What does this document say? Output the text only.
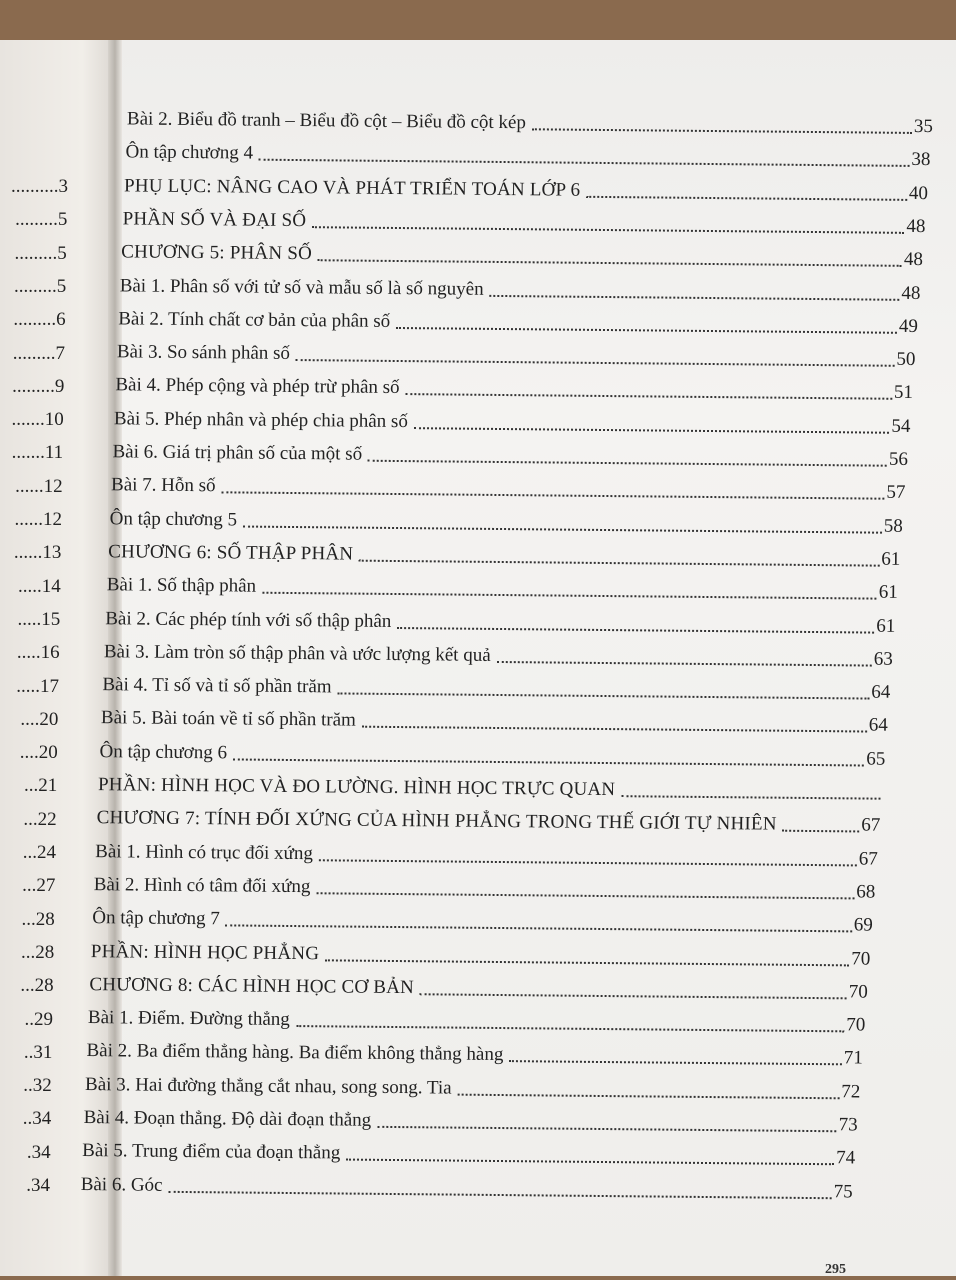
..........3
.........5
.........5
.........5
.........6
.........7
.........9
.......10
.......11
......12
......12
......13
.....14
.....15
.....16
.....17
....20
....20
...21
...22
...24
...27
...28
...28
...28
..29
..31
..32
..34
.34
.34
Bài 2. Biểu đồ tranh – Biểu đồ cột – Biểu đồ cột kép	35
Ôn tập chương 4	38
PHỤ LỤC: NÂNG CAO VÀ PHÁT TRIỂN TOÁN LỚP 6	40
PHẦN SỐ VÀ ĐẠI SỐ	48
CHƯƠNG 5: PHÂN SỐ	48
Bài 1. Phân số với tử số và mẫu số là số nguyên	48
Bài 2. Tính chất cơ bản của phân số	49
Bài 3. So sánh phân số	50
Bài 4. Phép cộng và phép trừ phân số	51
Bài 5. Phép nhân và phép chia phân số	54
Bài 6. Giá trị phân số của một số	56
Bài 7. Hỗn số	57
Ôn tập chương 5	58
CHƯƠNG 6: SỐ THẬP PHÂN	61
Bài 1. Số thập phân	61
Bài 2. Các phép tính với số thập phân	61
Bài 3. Làm tròn số thập phân và ước lượng kết quả	63
Bài 4. Tỉ số và tỉ số phần trăm	64
Bài 5. Bài toán về tỉ số phần trăm	64
Ôn tập chương 6	65
PHẦN: HÌNH HỌC VÀ ĐO LƯỜNG. HÌNH HỌC TRỰC QUAN
CHƯƠNG 7: TÍNH ĐỐI XỨNG CỦA HÌNH PHẲNG TRONG THẾ GIỚI TỰ NHIÊN	67
Bài 1. Hình có trục đối xứng	67
Bài 2. Hình có tâm đối xứng	68
Ôn tập chương 7	69
PHẦN: HÌNH HỌC PHẲNG	70
CHƯƠNG 8: CÁC HÌNH HỌC CƠ BẢN	70
Bài 1. Điểm. Đường thẳng	70
Bài 2. Ba điểm thẳng hàng. Ba điểm không thẳng hàng	71
Bài 3. Hai đường thẳng cắt nhau, song song. Tia	72
Bài 4. Đoạn thẳng. Độ dài đoạn thẳng	73
Bài 5. Trung điểm của đoạn thẳng	74
Bài 6. Góc	75
295
